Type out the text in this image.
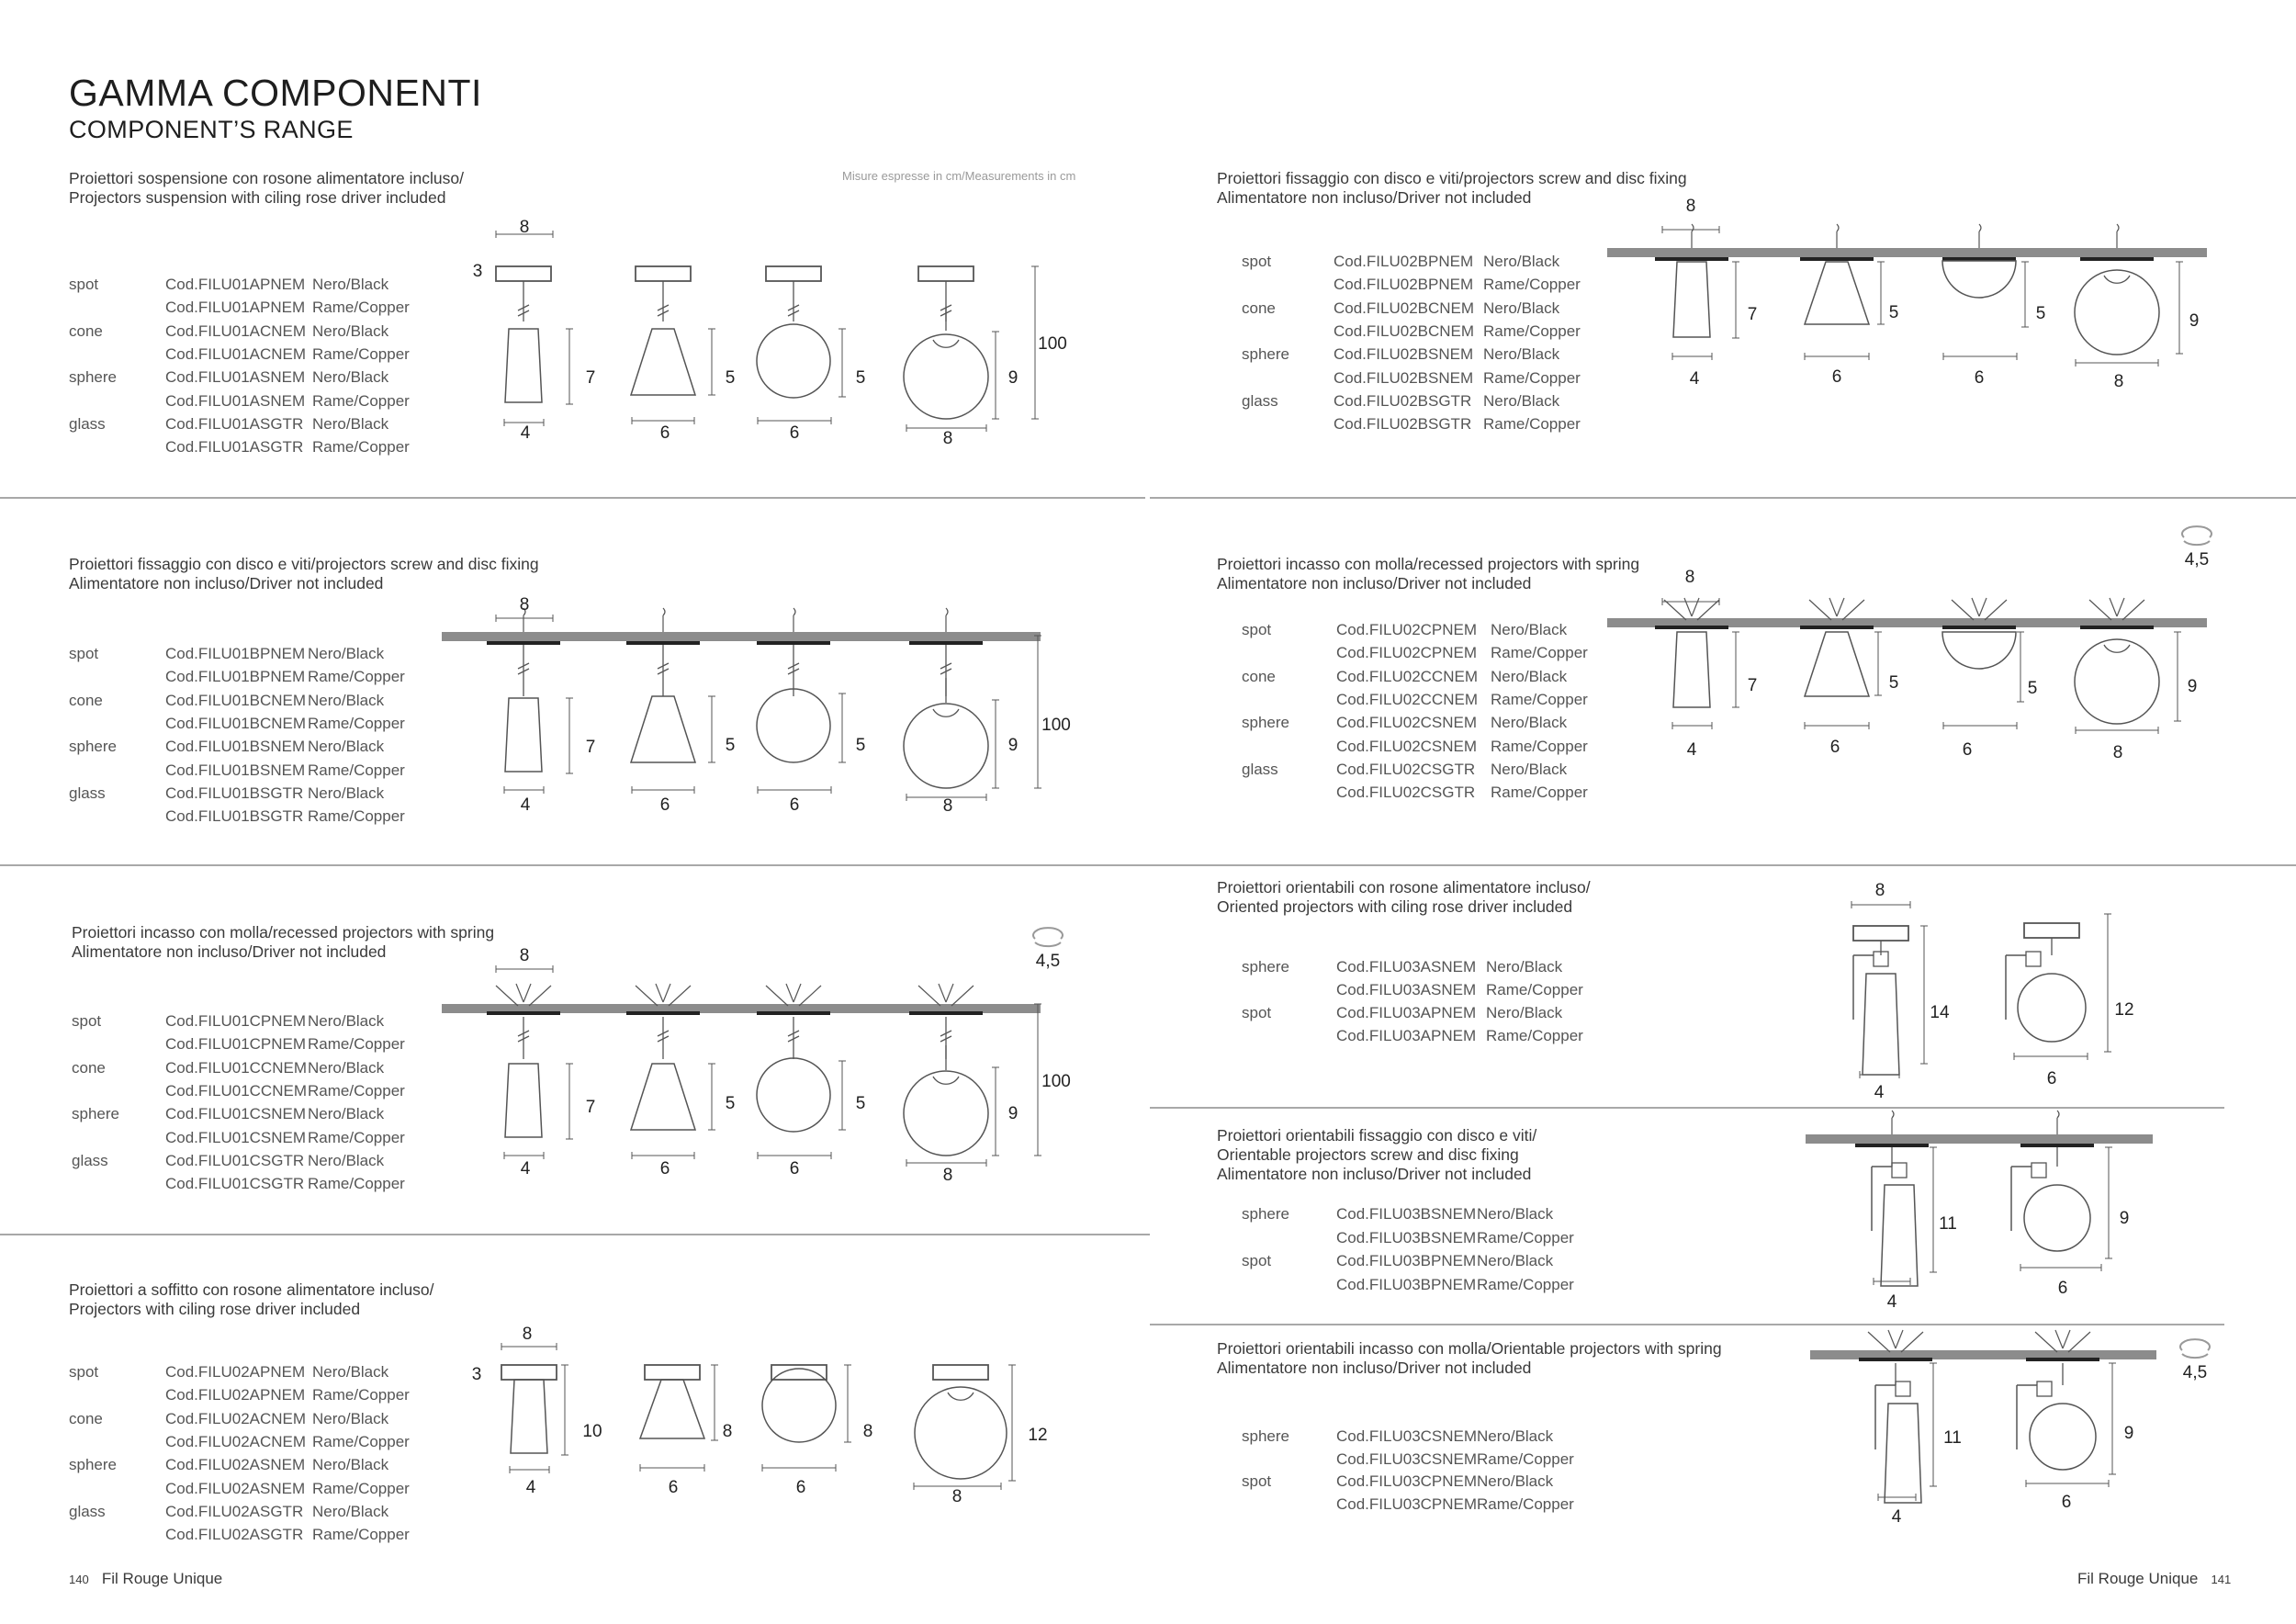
GAMMA COMPONENTI
COMPONENT’S RANGE
Misure espresse in cm/Measurements in cm
Proiettori sospensione con rosone alimentatore incluso/
Projectors suspension with ciling rose driver included
spot	Cod.FILU01APNEM Nero/Black
Cod.FILU01APNEM Rame/Copper
cone	Cod.FILU01ACNEM Nero/Black
Cod.FILU01ACNEM Rame/Copper
sphere	Cod.FILU01ASNEM Nero/Black
Cod.FILU01ASNEM Rame/Copper
glass	Cod.FILU01ASGTR Nero/Black
Cod.FILU01ASGTR Rame/Copper
Proiettori fissaggio con disco e viti/projectors screw and disc fixing
Alimentatore non incluso/Driver not included
spot	Cod.FILU01BPNEM Nero/Black
Cod.FILU01BPNEM Rame/Copper
cone	Cod.FILU01BCNEM Nero/Black
Cod.FILU01BCNEM Rame/Copper
sphere	Cod.FILU01BSNEM Nero/Black
Cod.FILU01BSNEM Rame/Copper
glass	Cod.FILU01BSGTR Nero/Black
Cod.FILU01BSGTR Rame/Copper
Proiettori incasso con molla/recessed projectors with spring
Alimentatore non incluso/Driver not included
spot	Cod.FILU01CPNEM Nero/Black
Cod.FILU01CPNEM Rame/Copper
cone	Cod.FILU01CCNEM Nero/Black
Cod.FILU01CCNEM Rame/Copper
sphere	Cod.FILU01CSNEM Nero/Black
Cod.FILU01CSNEM Rame/Copper
glass	Cod.FILU01CSGTR Nero/Black
Cod.FILU01CSGTR Rame/Copper
Proiettori a soffitto con rosone alimentatore incluso/
Projectors with ciling rose driver included
spot	Cod.FILU02APNEM Nero/Black
Cod.FILU02APNEM Rame/Copper
cone	Cod.FILU02ACNEM Nero/Black
Cod.FILU02ACNEM Rame/Copper
sphere	Cod.FILU02ASNEM Nero/Black
Cod.FILU02ASNEM Rame/Copper
glass	Cod.FILU02ASGTR Nero/Black
Cod.FILU02ASGTR Rame/Copper
Proiettori fissaggio con disco e viti/projectors screw and disc fixing
Alimentatore non incluso/Driver not included
spot	Cod.FILU02BPNEM Nero/Black
Cod.FILU02BPNEM Rame/Copper
cone	Cod.FILU02BCNEM Nero/Black
Cod.FILU02BCNEM Rame/Copper
sphere	Cod.FILU02BSNEM Nero/Black
Cod.FILU02BSNEM Rame/Copper
glass	Cod.FILU02BSGTR Nero/Black
Cod.FILU02BSGTR Rame/Copper
Proiettori incasso con molla/recessed projectors with spring
Alimentatore non incluso/Driver not included
spot	Cod.FILU02CPNEM Nero/Black
Cod.FILU02CPNEM Rame/Copper
cone	Cod.FILU02CCNEM Nero/Black
Cod.FILU02CCNEM Rame/Copper
sphere	Cod.FILU02CSNEM Nero/Black
Cod.FILU02CSNEM Rame/Copper
glass	Cod.FILU02CSGTR Nero/Black
Cod.FILU02CSGTR Rame/Copper
Proiettori orientabili con rosone alimentatore incluso/
Oriented projectors with ciling rose driver included
sphere	Cod.FILU03ASNEM Nero/Black
Cod.FILU03ASNEM Rame/Copper
spot	Cod.FILU03APNEM Nero/Black
Cod.FILU03APNEM Rame/Copper
Proiettori orientabili fissaggio con disco e viti/
Orientable projectors screw and disc fixing
Alimentatore non incluso/Driver not included
sphere	Cod.FILU03BSNEM Nero/Black
Cod.FILU03BSNEM Rame/Copper
spot	Cod.FILU03BPNEM Nero/Black
Cod.FILU03BPNEM Rame/Copper
Proiettori orientabili incasso con molla/Orientable projectors with spring
Alimentatore non incluso/Driver not included
sphere	Cod.FILU03CSNEM Nero/Black
Cod.FILU03CSNEM Rame/Copper
spot	Cod.FILU03CPNEM Nero/Black
Cod.FILU03CPNEM Rame/Copper
8
3
7
4
5
6
5
6
9
8
100
8
7
4
5
6
5
6
9
8
100
8
7
4
5
6
5
6
9
8
100
8
3
10
4
8
6
8
6
12
8
8
7
4
5
6
5
6
9
8
8
7
4
5
6
5
6
9
8
4,5
4,5
4,5
8
14
4
12
6
11
4
9
6
11
4
9
6
140 Fil Rouge Unique	Fil Rouge Unique 141
